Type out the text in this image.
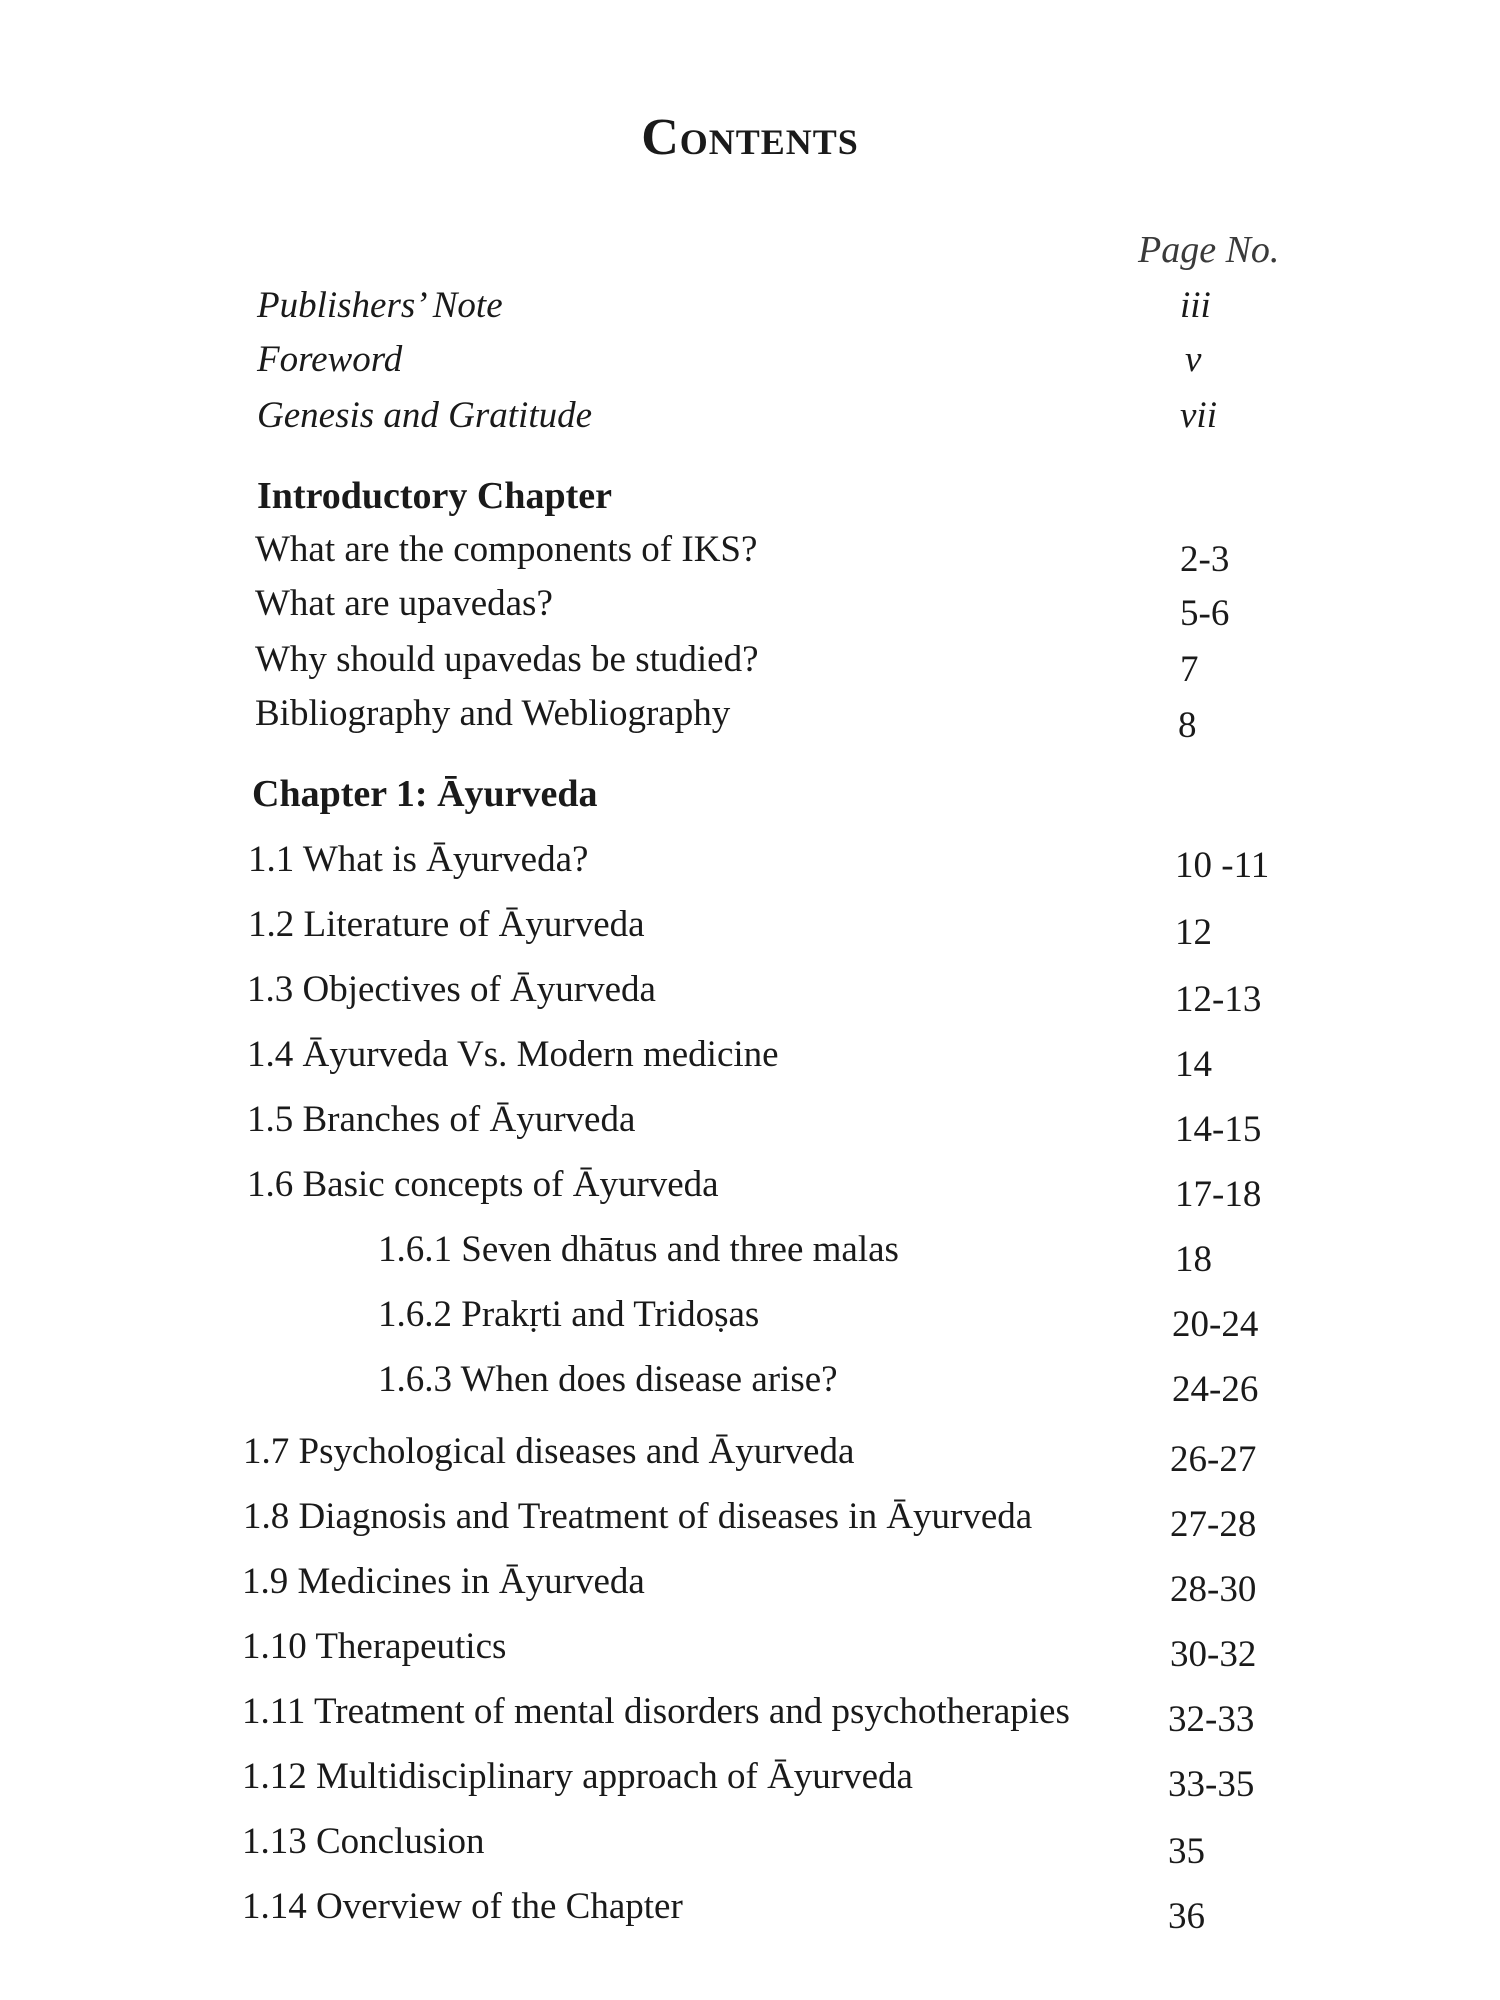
Contents
Page No.
Publishers’ Note	iii
Foreword	v
Genesis and Gratitude	vii
Introductory Chapter
What are the components of IKS?	2-3
What are upavedas?	5-6
Why should upavedas be studied?	7
Bibliography and Webliography	8
Chapter 1: Āyurveda
1.1 What is Āyurveda?	10 -11
1.2 Literature of Āyurveda	12
1.3 Objectives of Āyurveda	12-13
1.4 Āyurveda Vs. Modern medicine	14
1.5 Branches of Āyurveda	14-15
1.6 Basic concepts of Āyurveda	17-18
1.6.1 Seven dhātus and three malas	18
1.6.2 Prakṛti and Tridoṣas	20-24
1.6.3 When does disease arise?	24-26
1.7 Psychological diseases and Āyurveda	26-27
1.8 Diagnosis and Treatment of diseases in Āyurveda	27-28
1.9 Medicines in Āyurveda	28-30
1.10 Therapeutics	30-32
1.11 Treatment of mental disorders and psychotherapies	32-33
1.12 Multidisciplinary approach of Āyurveda	33-35
1.13 Conclusion	35
1.14 Overview of the Chapter	36
